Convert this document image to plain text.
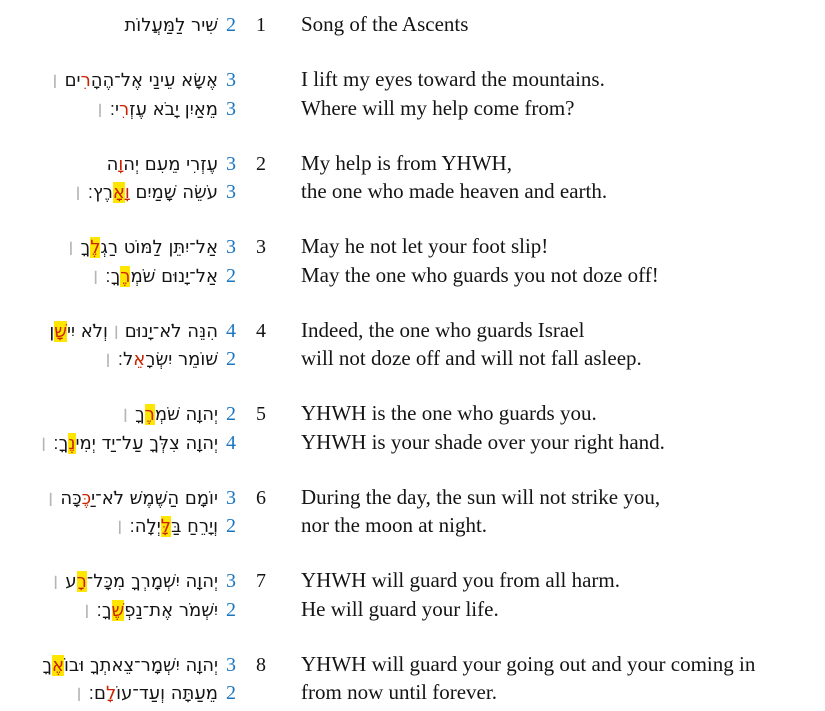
שִׁיר לַמַּעֲלוֹת 2	1	Song of the Ascents
אֶשָּׂא עֵינַי אֶל־הֶהָרִים׀	3	I lift my eyes toward the mountains.
מֵאַיִן יָבֹא עֶזְרִי׃׀	3	Where will my help come from?
עֶזְרִי מֵעִם יְהוָה	3	2	My help is from YHWH,
עֹשֵׂה שָׁמַיִם וָאָרֶץ׃׀	3	the one who made heaven and earth.
אַל־יִתֵּן לַמּוֹט רַגְלֶךָ׀	3	3	May he not let your foot slip!
אַל־יָנוּם שֹׁמְרֶךָ׃׀	2	May the one who guards you not doze off!
הִנֵּה לֹא־יָנוּם ׀ וְלֹא יִישָׁן	4	4	Indeed, the one who guards Israel
שׁוֹמֵר יִשְׂרָאֵל׃׀	2	will not doze off and will not fall asleep.
יְהוָה שֹׁמְרֶךָ׀	2	5	YHWH is the one who guards you.
יְהוָה צִלְּךָ עַל־יַד יְמִינֶךָ׃׀	4	YHWH is your shade over your right hand.
יוֹמָם הַשֶּׁמֶשׁ לֹא־יַכֶּכָּה׀	3	6	During the day, the sun will not strike you,
וְיָרֵחַ בַּלָּיְלָה׃׀	2	nor the moon at night.
יְהוָה יִשְׁמָרְךָ מִכָּל־רָע׀	3	7	YHWH will guard you from all harm.
יִשְׁמֹר אֶת־נַפְשֶׁךָ׃׀	2	He will guard your life.
יְהוָה יִשְׁמָר־צֵאתְךָ וּבוֹאֶךָ	3	8	YHWH will guard your going out and your coming in
מֵעַתָּה וְעַד־עוֹלָם׃׀	2	from now until forever.
